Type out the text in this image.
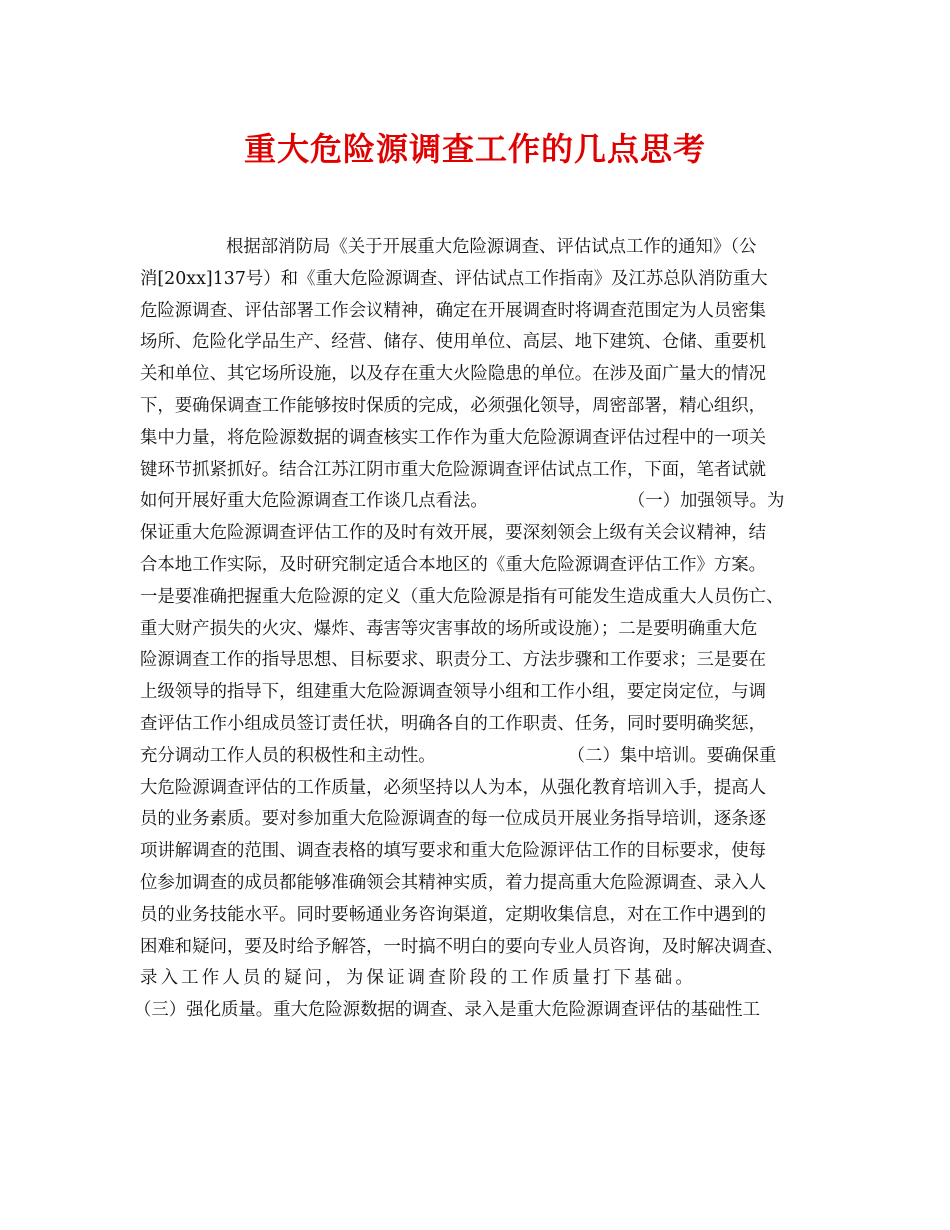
重大危险源调查工作的几点思考
根据部消防局《关于开展重大危险源调查、评估试点工作的通知》（公
消[20xx]137号）和《重大危险源调查、评估试点工作指南》及江苏总队消防重大
危险源调查、评估部署工作会议精神，确定在开展调查时将调查范围定为人员密集
场所、危险化学品生产、经营、储存、使用单位、高层、地下建筑、仓储、重要机
关和单位、其它场所设施，以及存在重大火险隐患的单位。在涉及面广量大的情况
下，要确保调查工作能够按时保质的完成，必须强化领导，周密部署，精心组织，
集中力量，将危险源数据的调查核实工作作为重大危险源调查评估过程中的一项关
键环节抓紧抓好。结合江苏江阴市重大危险源调查评估试点工作，下面，笔者试就
如何开展好重大危险源调查工作谈几点看法。	（一）加强领导。为
保证重大危险源调查评估工作的及时有效开展，要深刻领会上级有关会议精神，结
合本地工作实际，及时研究制定适合本地区的《重大危险源调查评估工作》方案。
一是要准确把握重大危险源的定义（重大危险源是指有可能发生造成重大人员伤亡、
重大财产损失的火灾、爆炸、毒害等灾害事故的场所或设施）；二是要明确重大危
险源调查工作的指导思想、目标要求、职责分工、方法步骤和工作要求；三是要在
上级领导的指导下，组建重大危险源调查领导小组和工作小组，要定岗定位，与调
查评估工作小组成员签订责任状，明确各自的工作职责、任务，同时要明确奖惩，
充分调动工作人员的积极性和主动性。	（二）集中培训。要确保重
大危险源调查评估的工作质量，必须坚持以人为本，从强化教育培训入手，提高人
员的业务素质。要对参加重大危险源调查的每一位成员开展业务指导培训，逐条逐
项讲解调查的范围、调查表格的填写要求和重大危险源评估工作的目标要求，使每
位参加调查的成员都能够准确领会其精神实质，着力提高重大危险源调查、录入人
员的业务技能水平。同时要畅通业务咨询渠道，定期收集信息，对在工作中遇到的
困难和疑问，要及时给予解答，一时搞不明白的要向专业人员咨询，及时解决调查、
录入工作人员的疑问，为保证调查阶段的工作质量打下基础。
（三）强化质量。重大危险源数据的调查、录入是重大危险源调查评估的基础性工
